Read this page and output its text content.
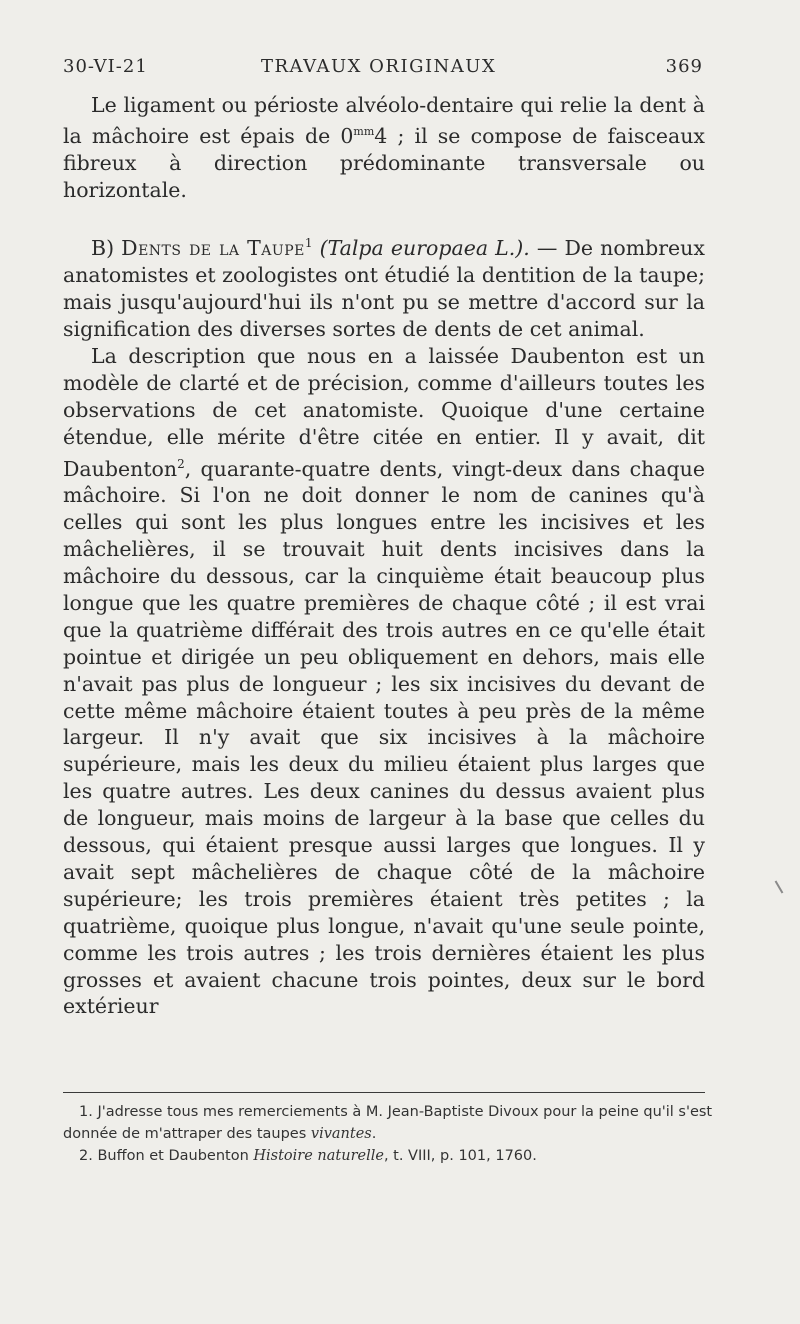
30-VI-21	TRAVAUX ORIGINAUX	369

Le ligament ou périoste alvéolo-dentaire qui relie la dent à la mâchoire est épais de $0^{mm}4$ ; il se compose de faisceaux fibreux à direction prédominante transversale ou horizontale.

B) Dents de la Taupe$^1$ (Talpa europaea L.). — De nombreux anatomistes et zoologistes ont étudié la dentition de la taupe; mais jusqu'aujourd'hui ils n'ont pu se mettre d'accord sur la signification des diverses sortes de dents de cet animal.

La description que nous en a laissée Daubenton est un modèle de clarté et de précision, comme d'ailleurs toutes les observations de cet anatomiste. Quoique d'une certaine étendue, elle mérite d'être citée en entier. Il y avait, dit Daubenton$^2$, quarante-quatre dents, vingt-deux dans chaque mâchoire. Si l'on ne doit donner le nom de canines qu'à celles qui sont les plus longues entre les incisives et les mâchelières, il se trouvait huit dents incisives dans la mâchoire du dessous, car la cinquième était beaucoup plus longue que les quatre premières de chaque côté ; il est vrai que la quatrième différait des trois autres en ce qu'elle était pointue et dirigée un peu obliquement en dehors, mais elle n'avait pas plus de longueur ; les six incisives du devant de cette même mâchoire étaient toutes à peu près de la même largeur. Il n'y avait que six incisives à la mâchoire supérieure, mais les deux du milieu étaient plus larges que les quatre autres. Les deux canines du dessus avaient plus de longueur, mais moins de largeur à la base que celles du dessous, qui étaient presque aussi larges que longues. Il y avait sept mâchelières de chaque côté de la mâchoire supérieure; les trois premières étaient très petites ; la quatrième, quoique plus longue, n'avait qu'une seule pointe, comme les trois autres ; les trois dernières étaient les plus grosses et avaient chacune trois pointes, deux sur le bord extérieur

1. J'adresse tous mes remerciements à M. Jean-Baptiste Divoux pour la peine qu'il s'est donnée de m'attraper des taupes vivantes.

2. Buffon et Daubenton Histoire naturelle, t. VIII, p. 101, 1760.
